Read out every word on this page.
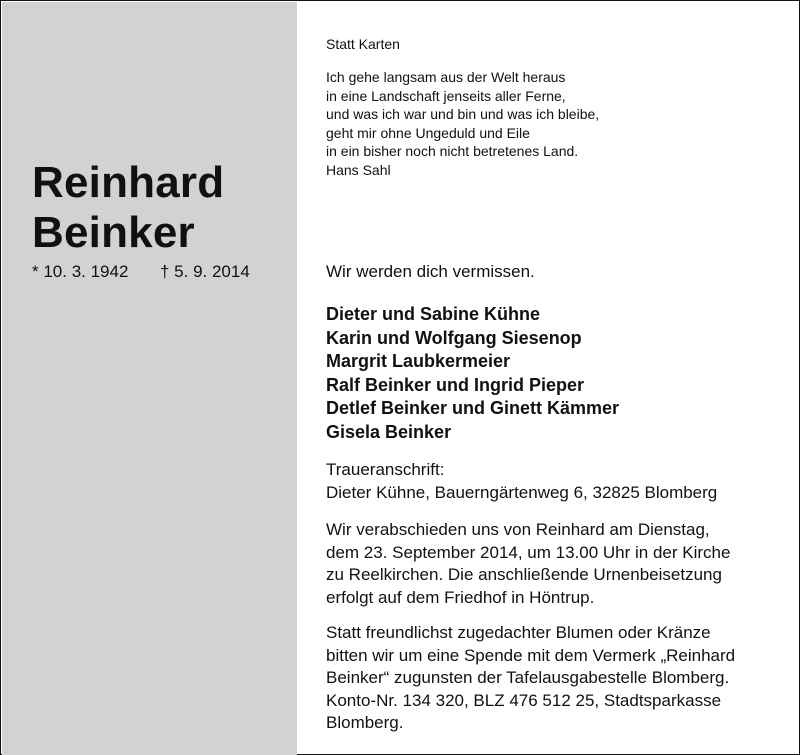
Reinhard
Beinker
* 10. 3. 1942 † 5. 9. 2014
Statt Karten
Ich gehe langsam aus der Welt heraus
in eine Landschaft jenseits aller Ferne,
und was ich war und bin und was ich bleibe,
geht mir ohne Ungeduld und Eile
in ein bisher noch nicht betretenes Land.
Hans Sahl
Wir werden dich vermissen.
Dieter und Sabine Kühne
Karin und Wolfgang Siesenop
Margrit Laubkermeier
Ralf Beinker und Ingrid Pieper
Detlef Beinker und Ginett Kämmer
Gisela Beinker
Traueranschrift:
Dieter Kühne, Bauerngärtenweg 6, 32825 Blomberg
Wir verabschieden uns von Reinhard am Dienstag,
dem 23. September 2014, um 13.00 Uhr in der Kirche
zu Reelkirchen. Die anschließende Urnenbeisetzung
erfolgt auf dem Friedhof in Höntrup.
Statt freundlichst zugedachter Blumen oder Kränze
bitten wir um eine Spende mit dem Vermerk „Reinhard
Beinker“ zugunsten der Tafelausgabestelle Blomberg.
Konto-Nr. 134 320, BLZ 476 512 25, Stadtsparkasse
Blomberg.
